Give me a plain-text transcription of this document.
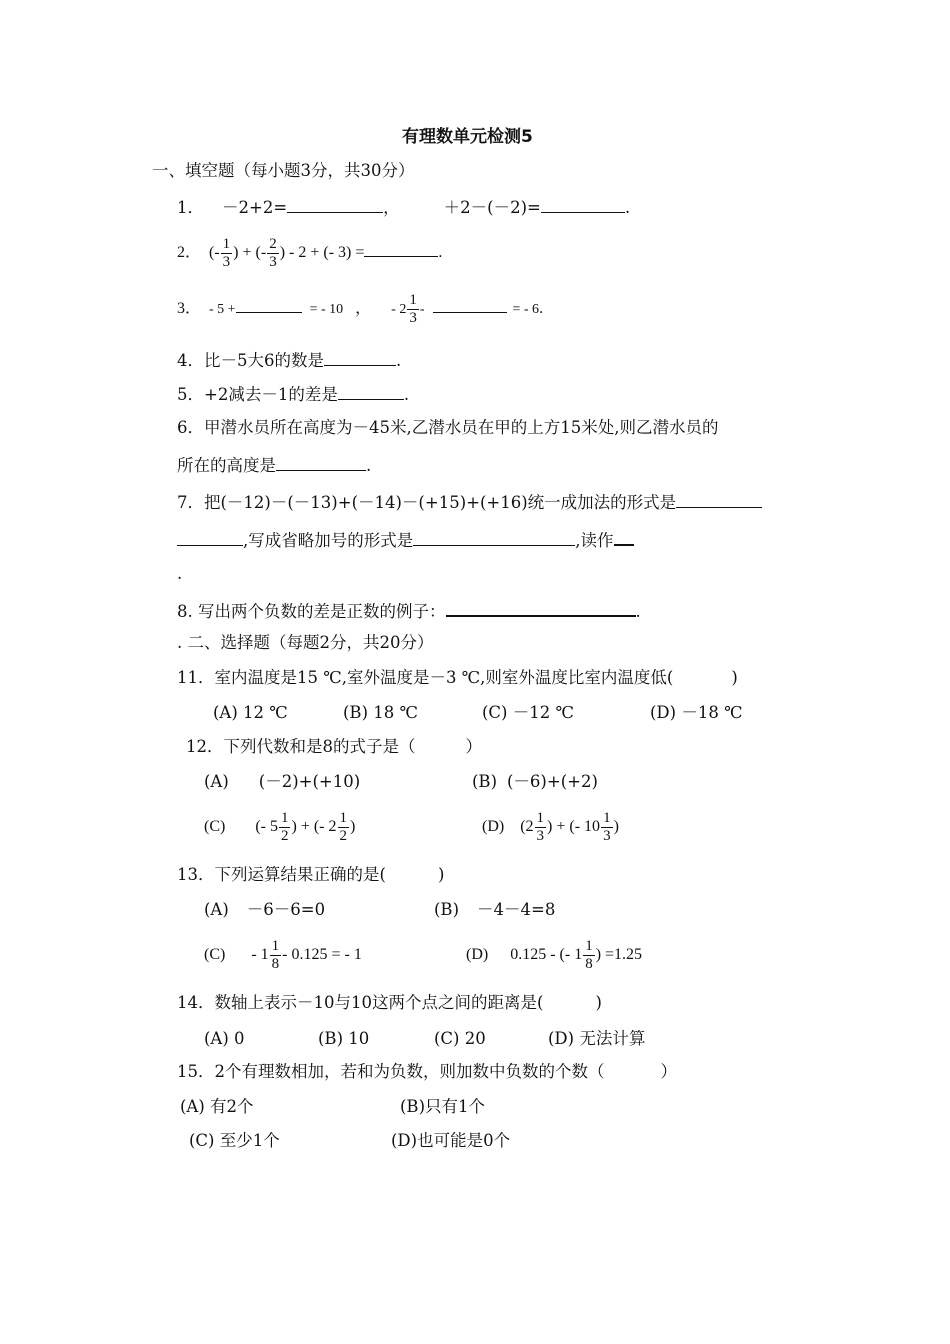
有理数单元检测5
一、填空题（每小题3分，共30分）
1． －2+2=	，	＋2－(－2)=	.
2． (- $\frac{1}{3}$ ) + (- $\frac{2}{3}$ ) - 2 + (- 3) =	.
3． - 5 +	= - 10 ， - $2 \frac{1}{3}$ -	= - 6.
4．比－5大6的数是	.
5．+2减去－1的差是	.
6．甲潜水员所在高度为－45米,乙潜水员在甲的上方15米处,则乙潜水员的
所在的高度是	.
7．把(－12)－(－13)+(－14)－(+15)+(+16)统一成加法的形式是
,写成省略加号的形式是	,读作
.
8. 写出两个负数的差是正数的例子：	.
. 二、选择题（每题2分，共20分）
11．室内温度是15 ℃,室外温度是－3 ℃,则室外温度比室内温度低(	)
(A) 12 ℃	(B) 18 ℃	(C) －12 ℃	(D) －18 ℃
12．下列代数和是8的式子是（	）
(A) (－2)+(+10)	(B) (－6)+(+2)
(C) (- $5 \frac{1}{2}$ ) + (- $2 \frac{1}{2}$ )	(D) ($2 \frac{1}{3}$ ) + (- $10 \frac{1}{3}$ )
13．下列运算结果正确的是(	)
(A) －6－6=0	(B) －4－4=8
$(C) - 1 \frac{1}{8} - 0.125$ = - 1	(D) 0.125 - (- $1 \frac{1}{8}$ ) =1.25
14．数轴上表示－10与10这两个点之间的距离是(	)
(A) 0	(B) 10	(C) 20	(D) 无法计算
15．2个有理数相加，若和为负数，则加数中负数的个数（	）
(A) 有2个	(B)只有1个
(C) 至少1个	(D)也可能是0个
